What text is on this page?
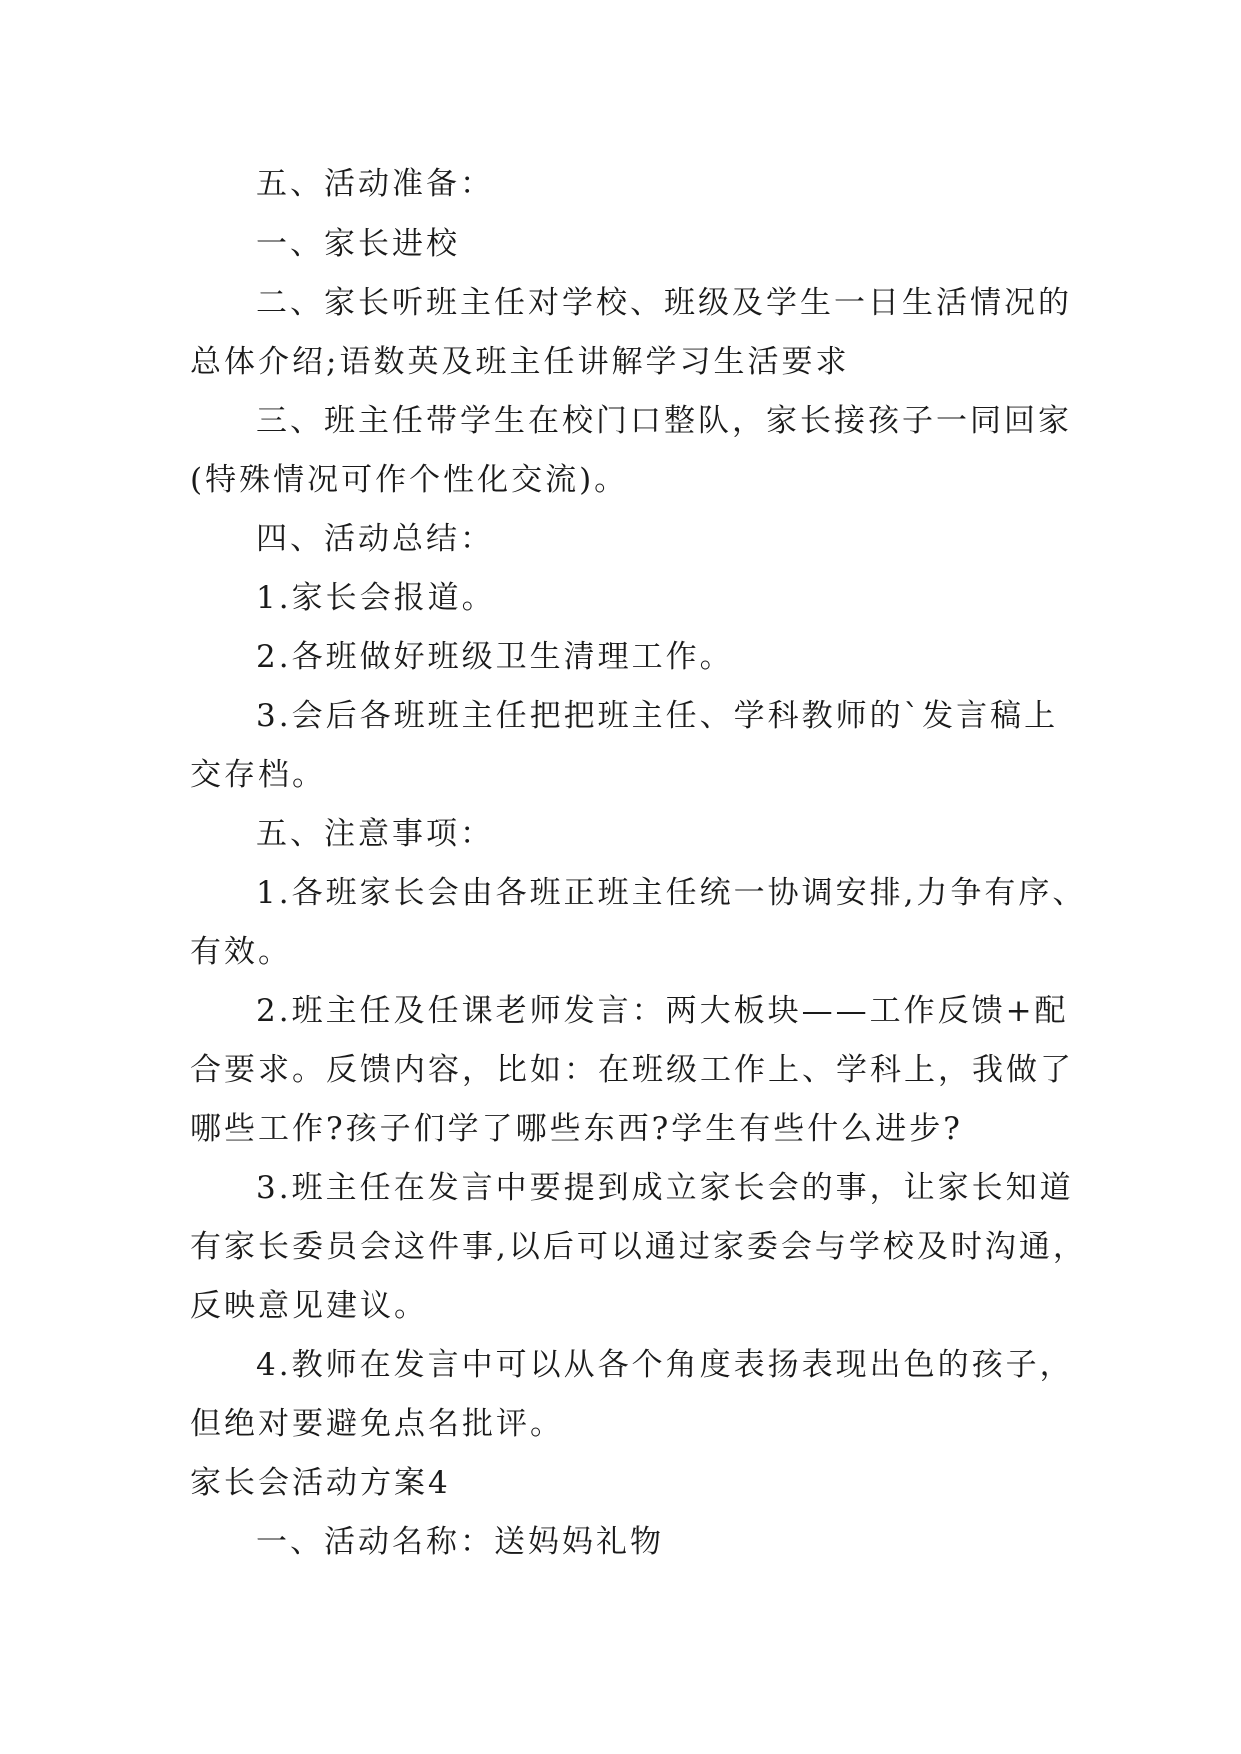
五、活动准备：
一、家长进校
二、家长听班主任对学校、班级及学生一日生活情况的
总体介绍;语数英及班主任讲解学习生活要求
三、班主任带学生在校门口整队，家长接孩子一同回家
(特殊情况可作个性化交流)。
四、活动总结：
1.家长会报道。
2.各班做好班级卫生清理工作。
3.会后各班班主任把把班主任、学科教师的`发言稿上
交存档。
五、注意事项：
1.各班家长会由各班正班主任统一协调安排,力争有序、
有效。
2.班主任及任课老师发言：两大板块——工作反馈+配
合要求。反馈内容，比如：在班级工作上、学科上，我做了
哪些工作?孩子们学了哪些东西?学生有些什么进步?
3.班主任在发言中要提到成立家长会的事，让家长知道
有家长委员会这件事,以后可以通过家委会与学校及时沟通，
反映意见建议。
4.教师在发言中可以从各个角度表扬表现出色的孩子，
但绝对要避免点名批评。
家长会活动方案4
一、活动名称：送妈妈礼物
